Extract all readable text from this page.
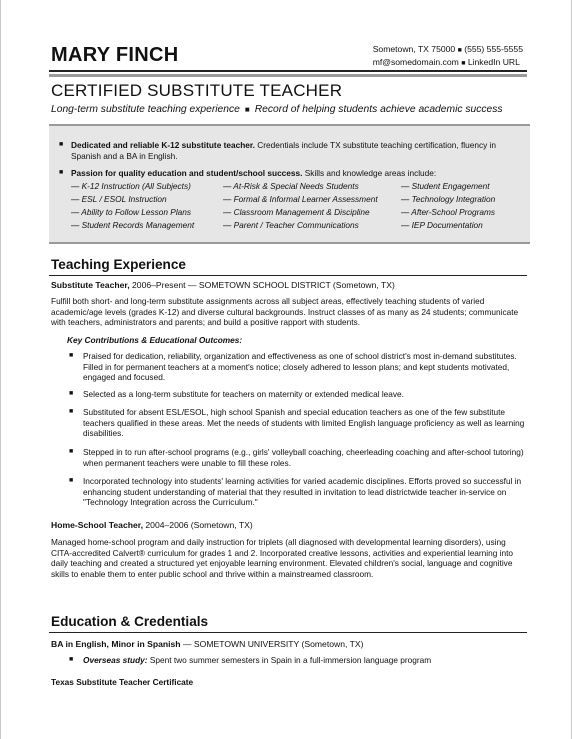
MARY FINCH	Sometown, TX 75000 ■ (555) 555-5555
mf@somedomain.com ■ LinkedIn URL
CERTIFIED SUBSTITUTE TEACHER
Long-term substitute teaching experience ■ Record of helping students achieve academic success
■ Dedicated and reliable K-12 substitute teacher. Credentials include TX substitute teaching certification, fluency in Spanish and a BA in English.
■ Passion for quality education and student/school success. Skills and knowledge areas include:
— K-12 Instruction (All Subjects)	— At-Risk & Special Needs Students	— Student Engagement
— ESL / ESOL Instruction	— Formal & Informal Learner Assessment	— Technology Integration
— Ability to Follow Lesson Plans	— Classroom Management & Discipline	— After-School Programs
— Student Records Management	— Parent / Teacher Communications	— IEP Documentation
Teaching Experience
Substitute Teacher, 2006–Present — SOMETOWN SCHOOL DISTRICT (Sometown, TX)
Fulfill both short- and long-term substitute assignments across all subject areas, effectively teaching students of varied academic/age levels (grades K-12) and diverse cultural backgrounds. Instruct classes of as many as 24 students; communicate with teachers, administrators and parents; and build a positive rapport with students.
Key Contributions & Educational Outcomes:
■	Praised for dedication, reliability, organization and effectiveness as one of school district's most in-demand substitutes. Filled in for permanent teachers at a moment's notice; closely adhered to lesson plans; and kept students motivated, engaged and focused.
■	Selected as a long-term substitute for teachers on maternity or extended medical leave.
■	Substituted for absent ESL/ESOL, high school Spanish and special education teachers as one of the few substitute teachers qualified in these areas. Met the needs of students with limited English language proficiency as well as learning disabilities.
■	Stepped in to run after-school programs (e.g., girls' volleyball coaching, cheerleading coaching and after-school tutoring) when permanent teachers were unable to fill these roles.
■	Incorporated technology into students' learning activities for varied academic disciplines. Efforts proved so successful in enhancing student understanding of material that they resulted in invitation to lead districtwide teacher in-service on "Technology Integration across the Curriculum."
Home-School Teacher, 2004–2006 (Sometown, TX)
Managed home-school program and daily instruction for triplets (all diagnosed with developmental learning disorders), using CITA-accredited Calvert® curriculum for grades 1 and 2. Incorporated creative lessons, activities and experiential learning into daily teaching and created a structured yet enjoyable learning environment. Elevated children's social, language and cognitive skills to enable them to enter public school and thrive within a mainstreamed classroom.
Education & Credentials
BA in English, Minor in Spanish — SOMETOWN UNIVERSITY (Sometown, TX)
■	Overseas study: Spent two summer semesters in Spain in a full-immersion language program
Texas Substitute Teacher Certificate
